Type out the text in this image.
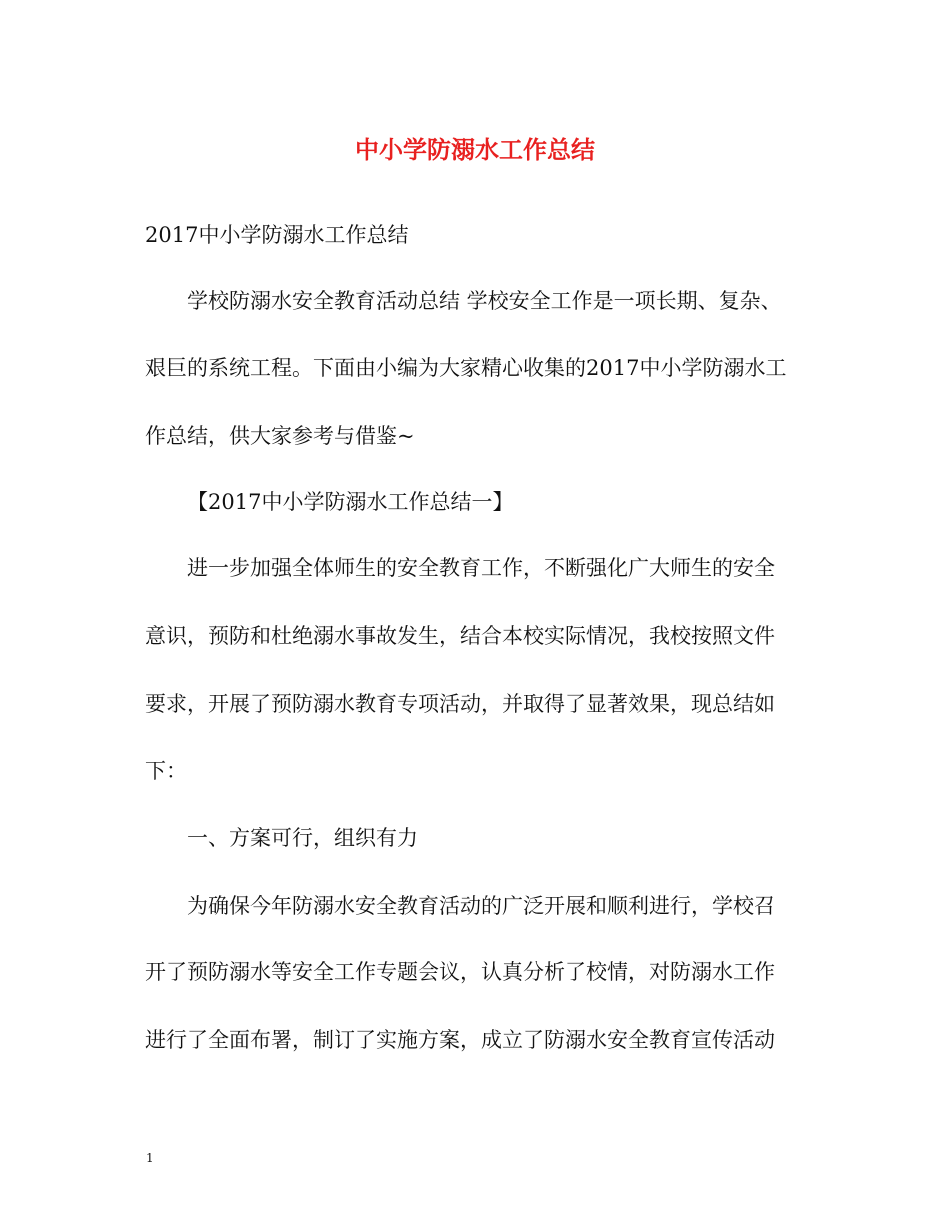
中小学防溺水工作总结
2017中小学防溺水工作总结
学校防溺水安全教育活动总结 学校安全工作是一项长期、复杂、
艰巨的系统工程。下面由小编为大家精心收集的2017中小学防溺水工
作总结，供大家参考与借鉴~
【2017中小学防溺水工作总结一】
进一步加强全体师生的安全教育工作，不断强化广大师生的安全
意识，预防和杜绝溺水事故发生，结合本校实际情况，我校按照文件
要求，开展了预防溺水教育专项活动，并取得了显著效果，现总结如
下：
一、方案可行，组织有力
为确保今年防溺水安全教育活动的广泛开展和顺利进行，学校召
开了预防溺水等安全工作专题会议，认真分析了校情，对防溺水工作
进行了全面布署，制订了实施方案，成立了防溺水安全教育宣传活动
1
